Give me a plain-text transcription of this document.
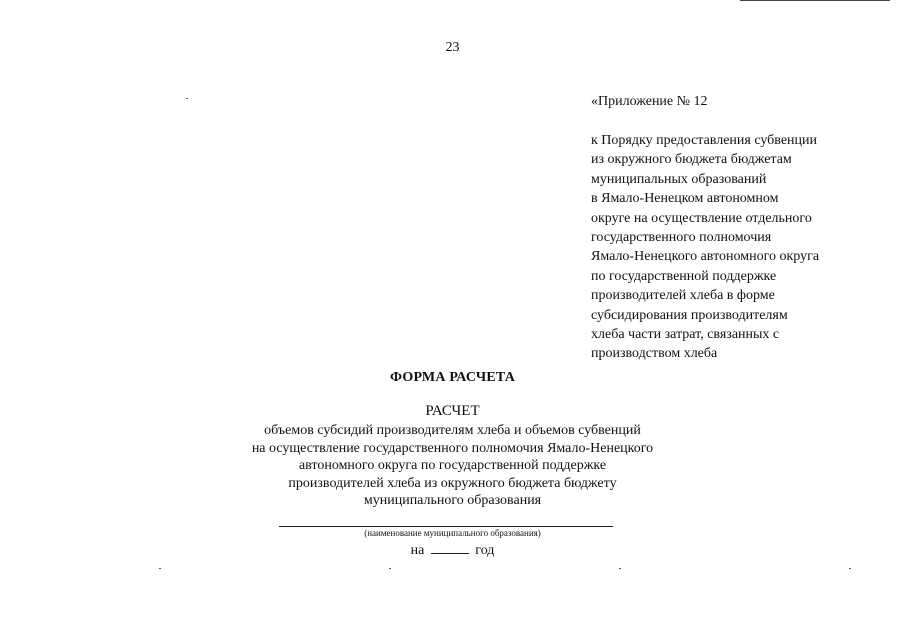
23
«Приложение № 12
к Порядку предоставления субвенции
из окружного бюджета бюджетам
муниципальных образований
в Ямало-Ненецком автономном
округе на осуществление отдельного
государственного полномочия
Ямало-Ненецкого автономного округа
по государственной поддержке
производителей хлеба в форме
субсидирования производителям
хлеба части затрат, связанных с
производством хлеба
ФОРМА РАСЧЕТА
РАСЧЕТ
объемов субсидий производителям хлеба и объемов субвенций
на осуществление государственного полномочия Ямало-Ненецкого
автономного округа по государственной поддержке
производителей хлеба из окружного бюджета бюджету
муниципального образования
(наименование муниципального образования)
на	год
